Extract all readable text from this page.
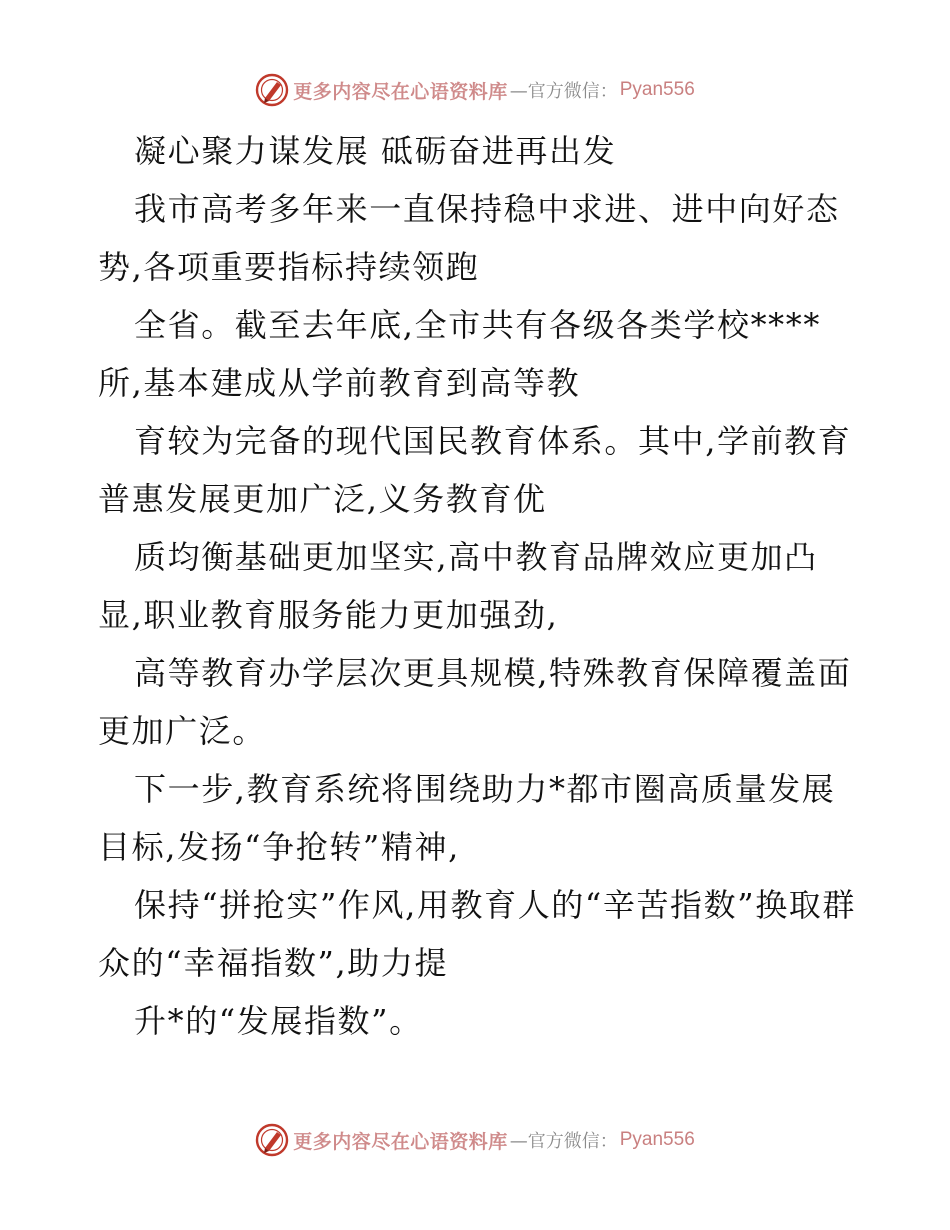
更多内容尽在心语资料库 —官方微信： Pyan556

凝心聚力谋发展 砥砺奋进再出发

我市高考多年来一直保持稳中求进、进中向好态势,各项重要指标持续领跑

全省。截至去年底,全市共有各级各类学校****所,基本建成从学前教育到高等教

育较为完备的现代国民教育体系。其中,学前教育普惠发展更加广泛,义务教育优

质均衡基础更加坚实,高中教育品牌效应更加凸显,职业教育服务能力更加强劲,

高等教育办学层次更具规模,特殊教育保障覆盖面更加广泛。

下一步,教育系统将围绕助力*都市圈高质量发展目标,发扬“争抢转”精神,

保持“拼抢实”作风,用教育人的“辛苦指数”换取群众的“幸福指数”,助力提

升*的“发展指数”。

更多内容尽在心语资料库 —官方微信： Pyan556
